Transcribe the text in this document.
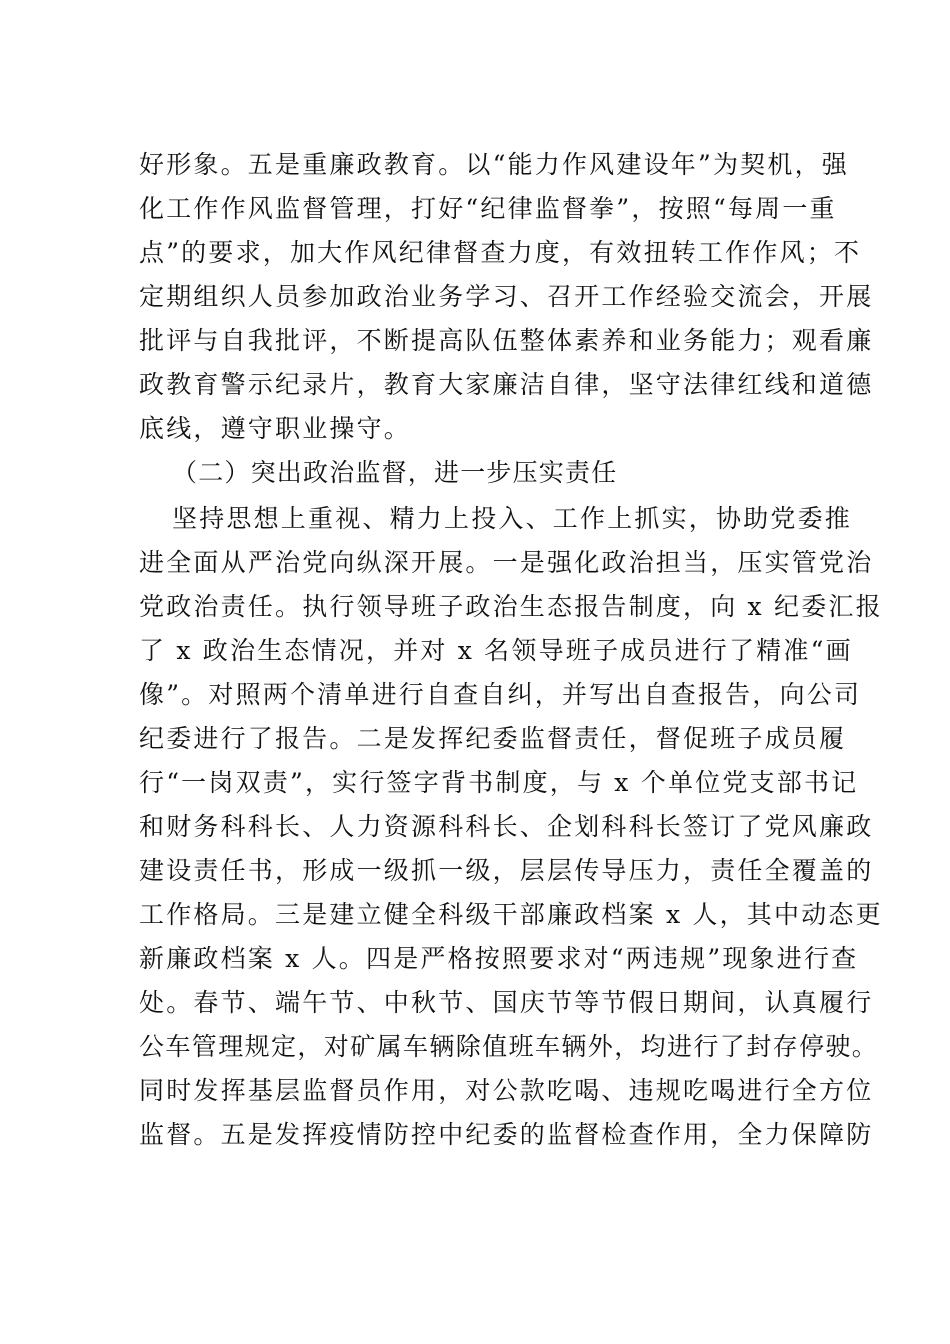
好形象。五是重廉政教育。以“能力作风建设年”为契机，强
化工作作风监督管理，打好“纪律监督拳”，按照“每周一重
点”的要求，加大作风纪律督查力度，有效扭转工作作风；不
定期组织人员参加政治业务学习、召开工作经验交流会，开展
批评与自我批评，不断提高队伍整体素养和业务能力；观看廉
政教育警示纪录片，教育大家廉洁自律，坚守法律红线和道德
底线，遵守职业操守。
（二）突出政治监督，进一步压实责任
坚持思想上重视、精力上投入、工作上抓实，协助党委推
进全面从严治党向纵深开展。一是强化政治担当，压实管党治
党政治责任。执行领导班子政治生态报告制度，向 x 纪委汇报
了 x 政治生态情况，并对 x 名领导班子成员进行了精准“画
像”。对照两个清单进行自查自纠，并写出自查报告，向公司
纪委进行了报告。二是发挥纪委监督责任，督促班子成员履
行“一岗双责”，实行签字背书制度，与 x 个单位党支部书记
和财务科科长、人力资源科科长、企划科科长签订了党风廉政
建设责任书，形成一级抓一级，层层传导压力，责任全覆盖的
工作格局。三是建立健全科级干部廉政档案 x 人，其中动态更
新廉政档案 x 人。四是严格按照要求对“两违规”现象进行查
处。春节、端午节、中秋节、国庆节等节假日期间，认真履行
公车管理规定，对矿属车辆除值班车辆外，均进行了封存停驶。
同时发挥基层监督员作用，对公款吃喝、违规吃喝进行全方位
监督。五是发挥疫情防控中纪委的监督检查作用，全力保障防
